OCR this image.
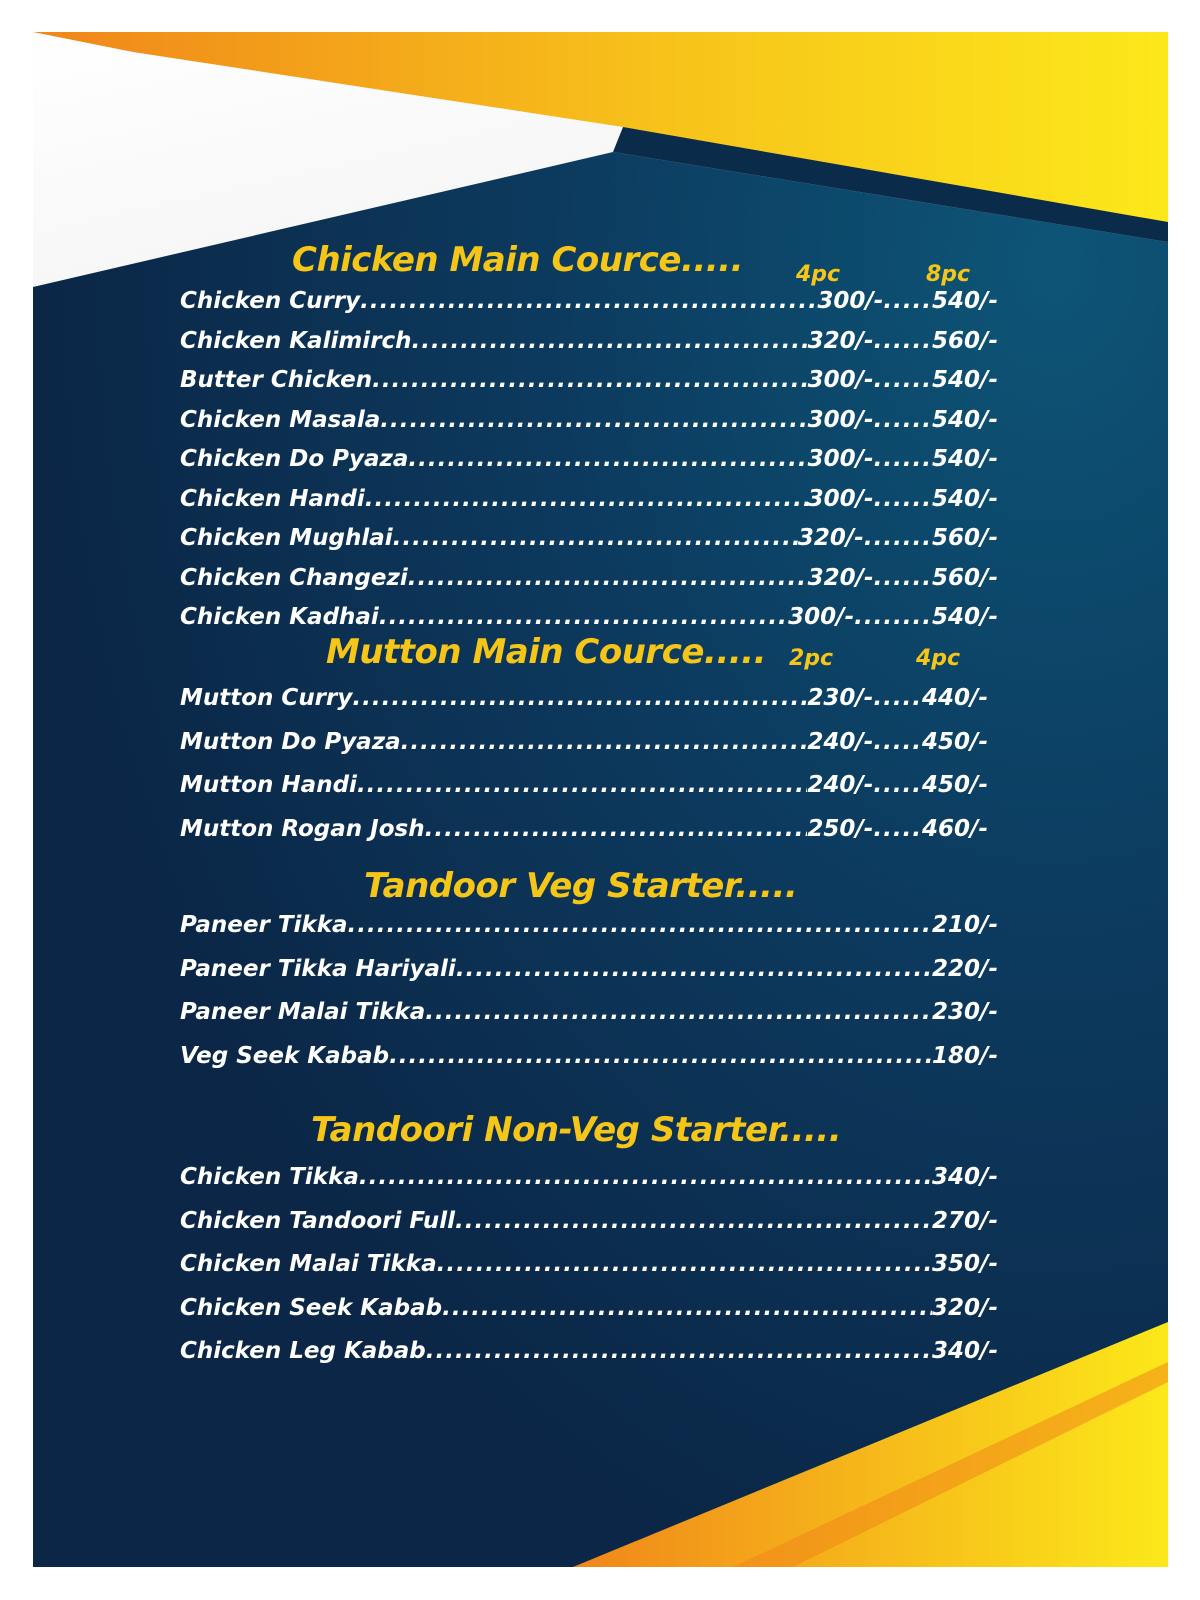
Chicken Main Cource..... 4pc	8pc
Chicken Curry .....	300/- ..... 540/-
Chicken Kalimirch .....	320/- ...... 560/-
Butter Chicken .....	300/- ...... 540/-
Chicken Masala .....	300/- ...... 540/-
Chicken Do Pyaza .....	300/- ...... 540/-
Chicken Handi .....	300/- ...... 540/-
Chicken Mughlai .....	320/- ....... 560/-
Chicken Changezi .....	320/- ...... 560/-
Chicken Kadhai .....	300/- ........ 540/-
Mutton Main Cource..... 2pc	4pc
Mutton Curry .....	230/- ..... 440/-
Mutton Do Pyaza .....	240/- ..... 450/-
Mutton Handi .....	240/- ..... 450/-
Mutton Rogan Josh .....	250/- ..... 460/-
Tandoor Veg Starter.....
Paneer Tikka .....	210/-
Paneer Tikka Hariyali .....	220/-
Paneer Malai Tikka .....	230/-
Veg Seek Kabab .....	180/-
Tandoori Non-Veg Starter.....
Chicken Tikka .....	340/-
Chicken Tandoori Full .....	270/-
Chicken Malai Tikka .....	350/-
Chicken Seek Kabab .....	320/-
Chicken Leg Kabab .....	340/-
